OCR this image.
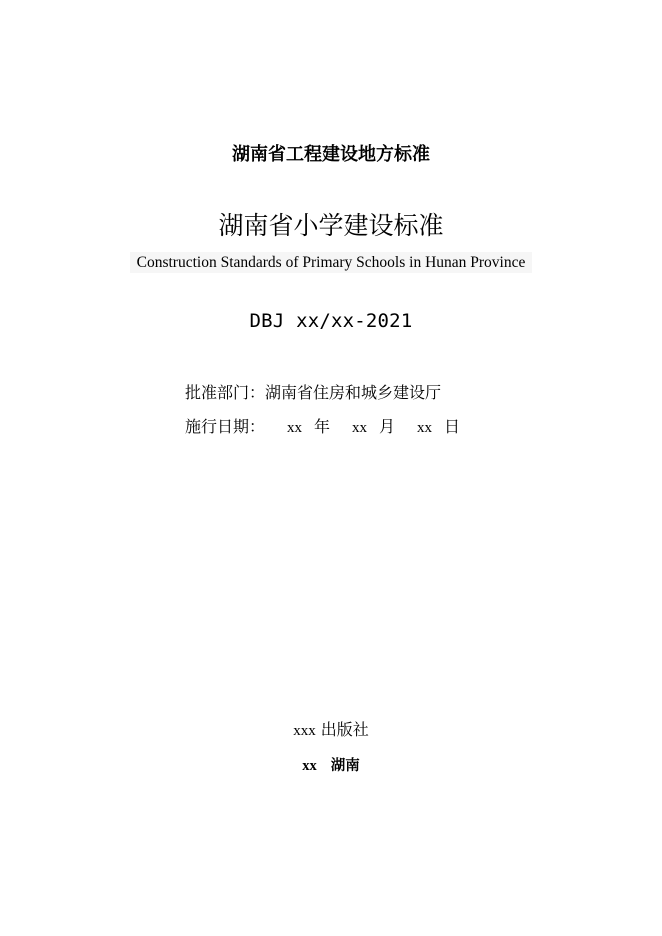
湖南省工程建设地方标准
湖南省小学建设标准
Construction Standards of Primary Schools in Hunan Province
DBJ xx/xx-2021
批准部门：湖南省住房和城乡建设厅
施行日期： xx 年 xx 月 xx 日
xxx 出版社
xx 湖南
